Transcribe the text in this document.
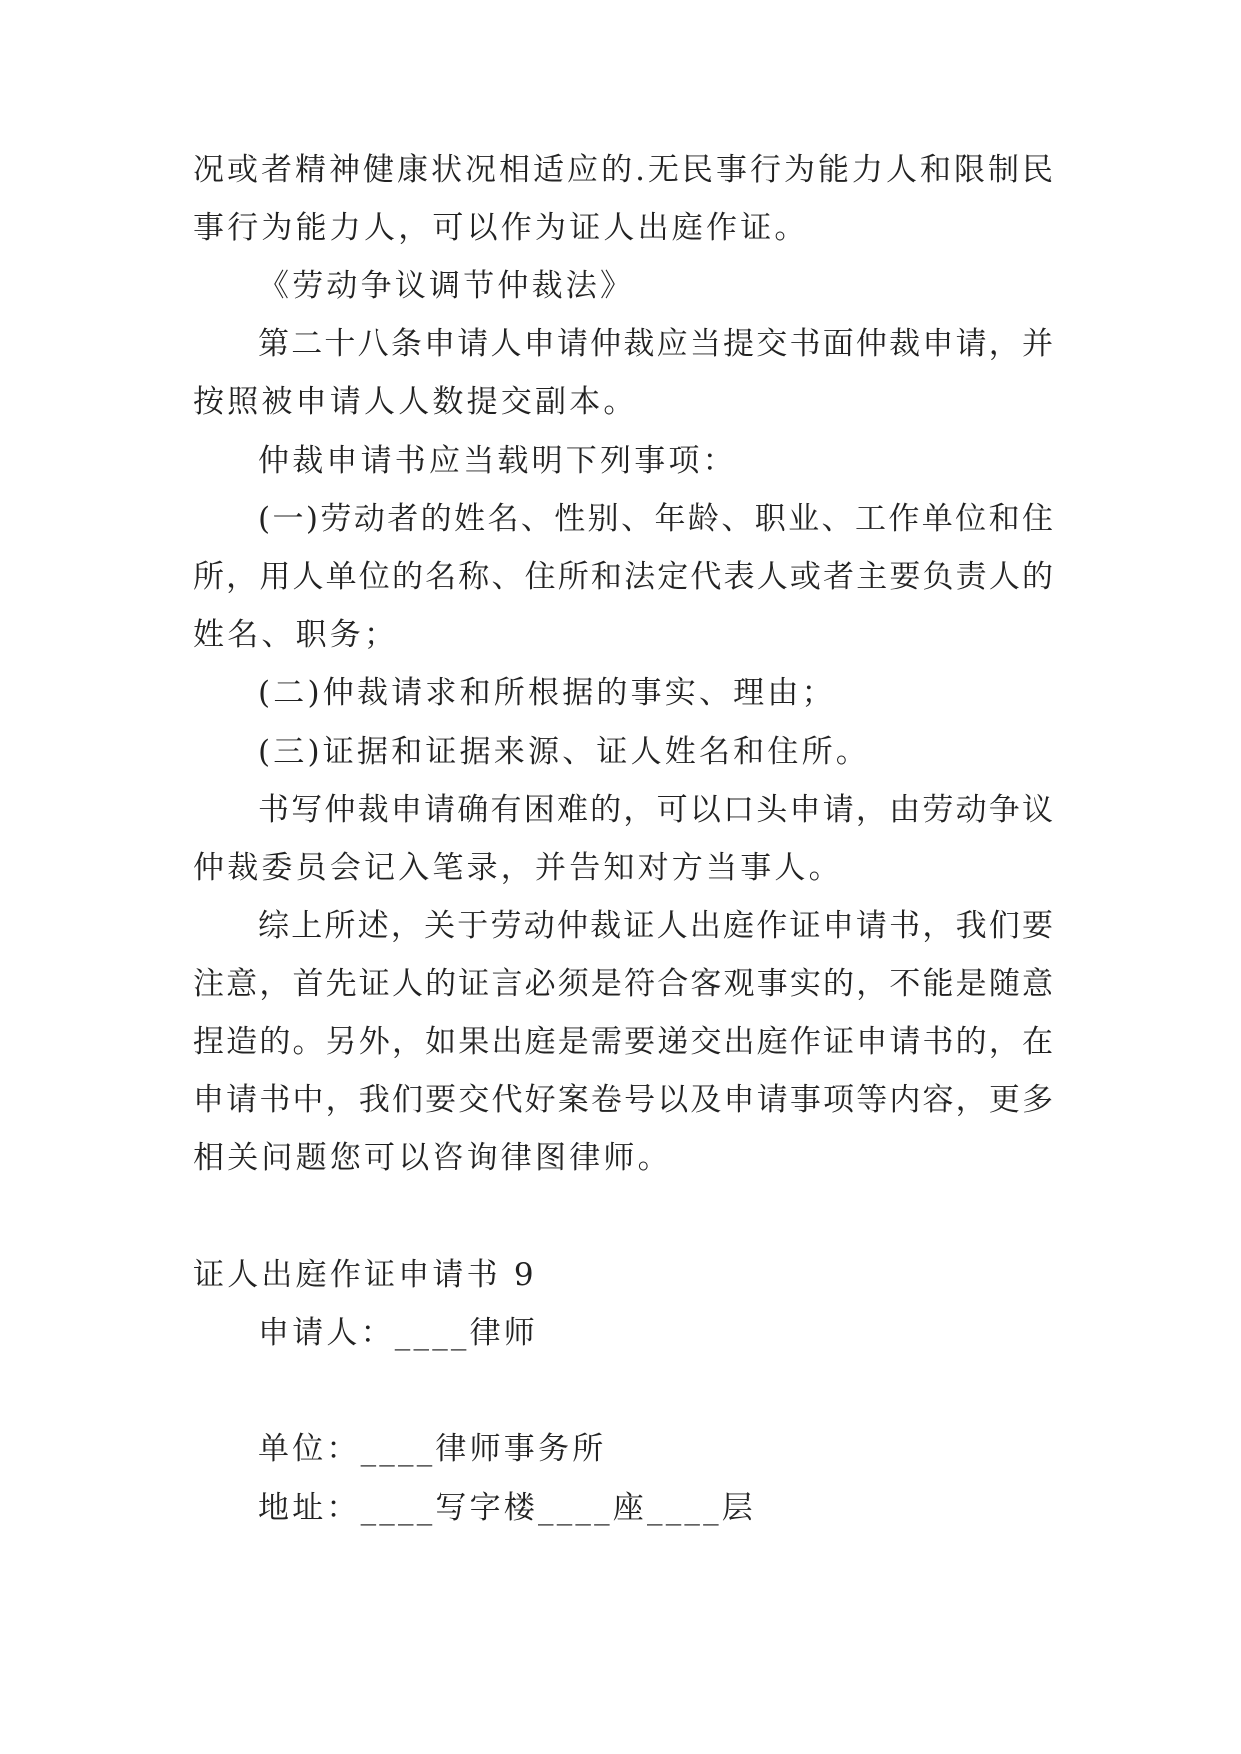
况或者精神健康状况相适应的.无民事行为能力人和限制民
事行为能力人，可以作为证人出庭作证。
《劳动争议调节仲裁法》
第二十八条申请人申请仲裁应当提交书面仲裁申请，并
按照被申请人人数提交副本。
仲裁申请书应当载明下列事项：
(一)劳动者的姓名、性别、年龄、职业、工作单位和住
所，用人单位的名称、住所和法定代表人或者主要负责人的
姓名、职务；
(二)仲裁请求和所根据的事实、理由；
(三)证据和证据来源、证人姓名和住所。
书写仲裁申请确有困难的，可以口头申请，由劳动争议
仲裁委员会记入笔录，并告知对方当事人。
综上所述，关于劳动仲裁证人出庭作证申请书，我们要
注意，首先证人的证言必须是符合客观事实的，不能是随意
捏造的。另外，如果出庭是需要递交出庭作证申请书的，在
申请书中，我们要交代好案卷号以及申请事项等内容，更多
相关问题您可以咨询律图律师。
证人出庭作证申请书 9
申请人：____律师
单位：____律师事务所
地址：____写字楼____座____层
